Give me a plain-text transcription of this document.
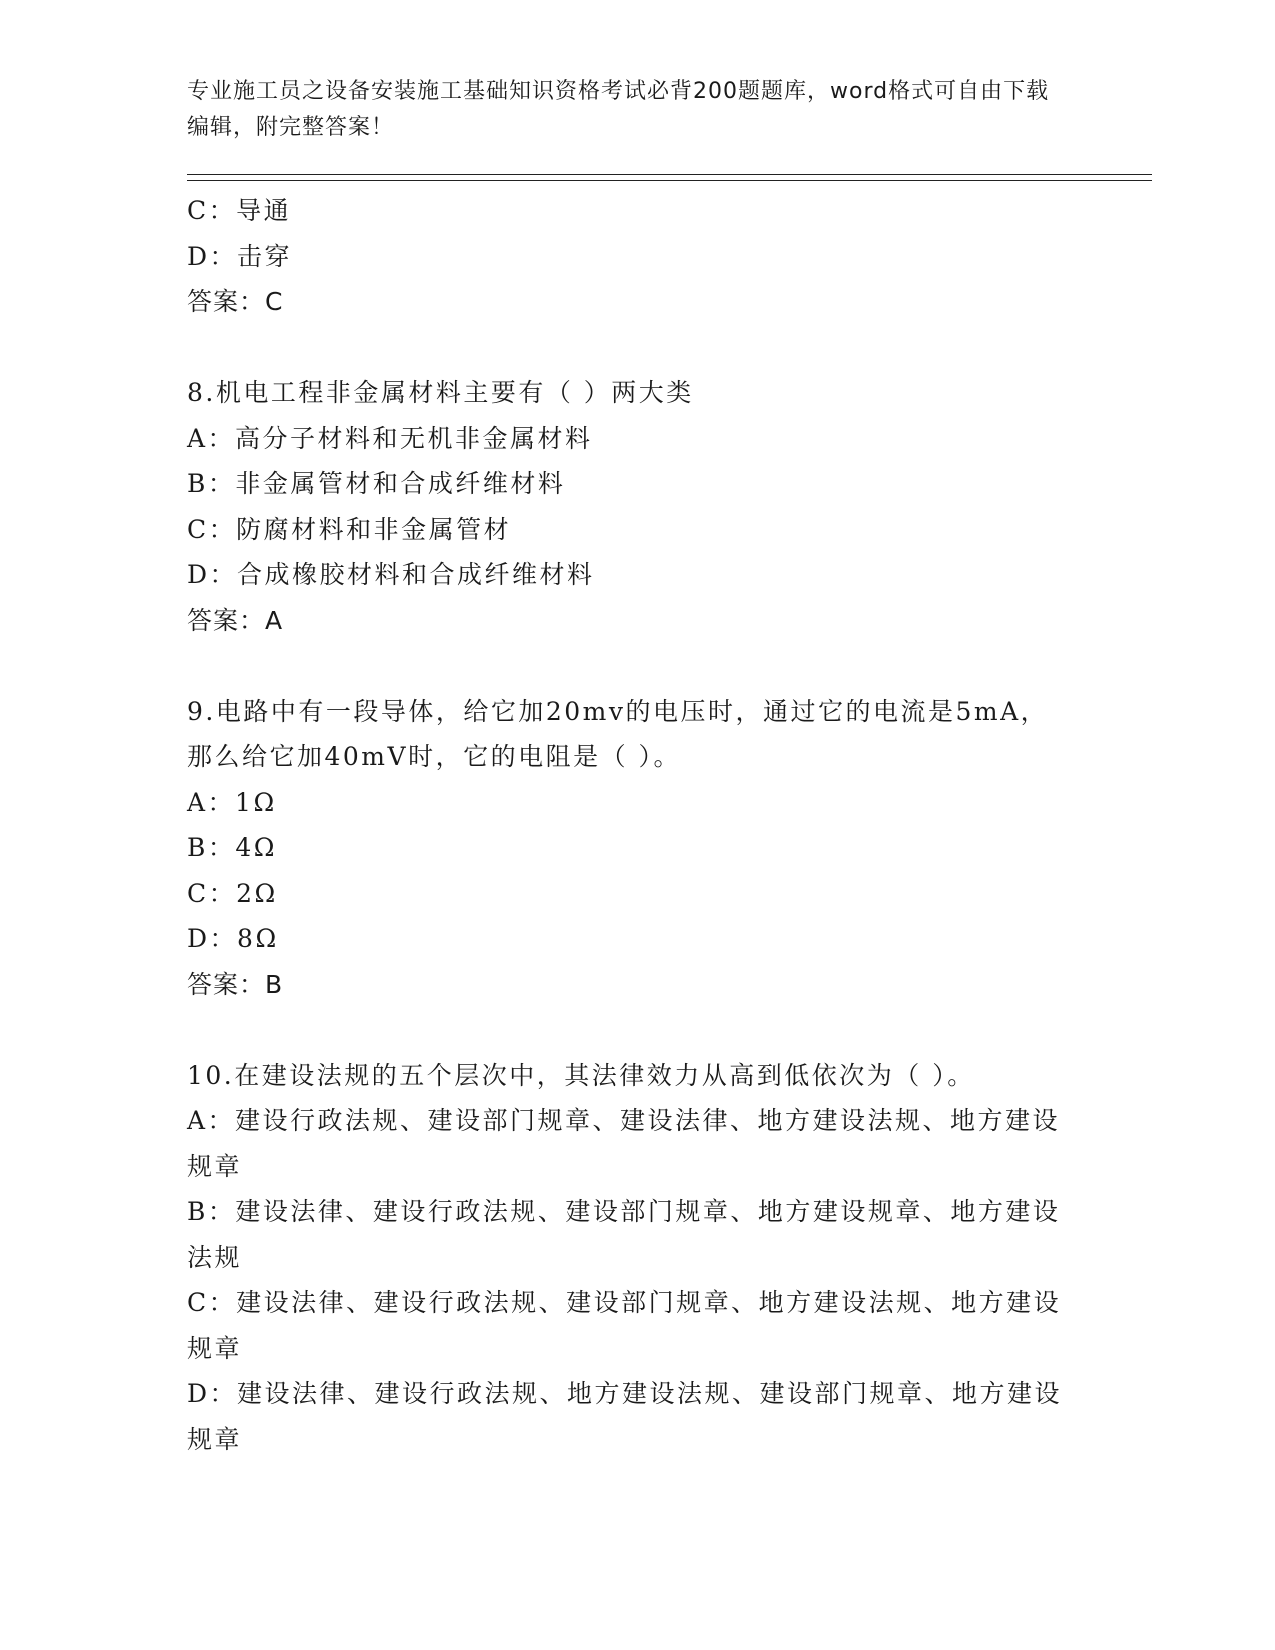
专业施工员之设备安装施工基础知识资格考试必背200题题库，word格式可自由下载编辑，附完整答案！
C：导通
D：击穿
答案：C
8.机电工程非金属材料主要有（ ）两大类
A：高分子材料和无机非金属材料
B：非金属管材和合成纤维材料
C：防腐材料和非金属管材
D：合成橡胶材料和合成纤维材料
答案：A
9.电路中有一段导体，给它加20mv的电压时，通过它的电流是5mA，那么给它加40mV时，它的电阻是（ ）。
A：1Ω
B：4Ω
C：2Ω
D：8Ω
答案：B
10.在建设法规的五个层次中，其法律效力从高到低依次为（ ）。
A：建设行政法规、建设部门规章、建设法律、地方建设法规、地方建设规章
B：建设法律、建设行政法规、建设部门规章、地方建设规章、地方建设法规
C：建设法律、建设行政法规、建设部门规章、地方建设法规、地方建设规章
D：建设法律、建设行政法规、地方建设法规、建设部门规章、地方建设规章
